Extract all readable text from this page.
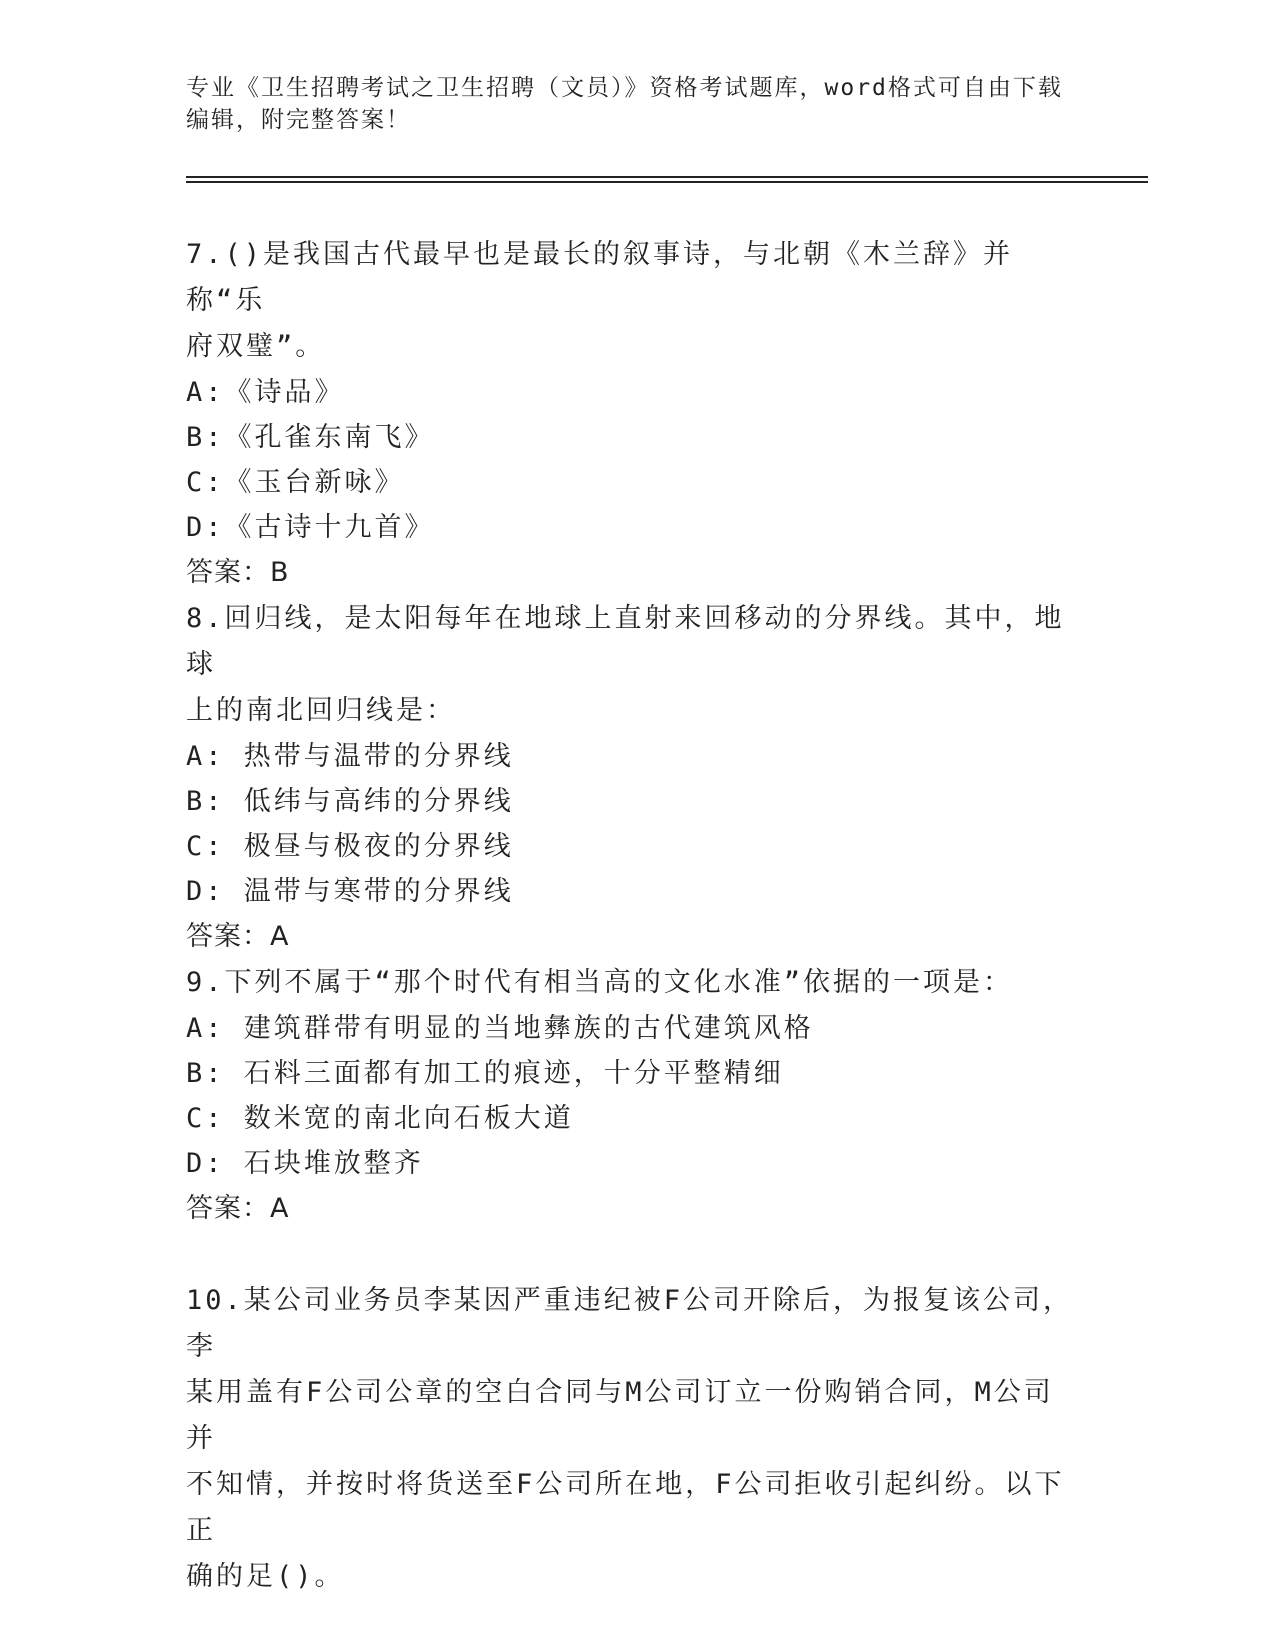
专业《卫生招聘考试之卫生招聘（文员）》资格考试题库，word格式可自由下载
编辑，附完整答案！

7.()是我国古代最早也是最长的叙事诗，与北朝《木兰辞》并称“乐

府双璧”。

A:《诗品》

B:《孔雀东南飞》

C:《玉台新咏》

D:《古诗十九首》

答案：B

8.回归线，是太阳每年在地球上直射来回移动的分界线。其中，地球

上的南北回归线是：

A: 热带与温带的分界线

B: 低纬与高纬的分界线

C: 极昼与极夜的分界线

D: 温带与寒带的分界线

答案：A

9.下列不属于“那个时代有相当高的文化水准”依据的一项是：

A: 建筑群带有明显的当地彝族的古代建筑风格

B: 石料三面都有加工的痕迹，十分平整精细

C: 数米宽的南北向石板大道

D: 石块堆放整齐

答案：A

10.某公司业务员李某因严重违纪被F公司开除后，为报复该公司，李

某用盖有F公司公章的空白合同与M公司订立一份购销合同，M公司并

不知情，并按时将货送至F公司所在地，F公司拒收引起纠纷。以下正

确的足()。
